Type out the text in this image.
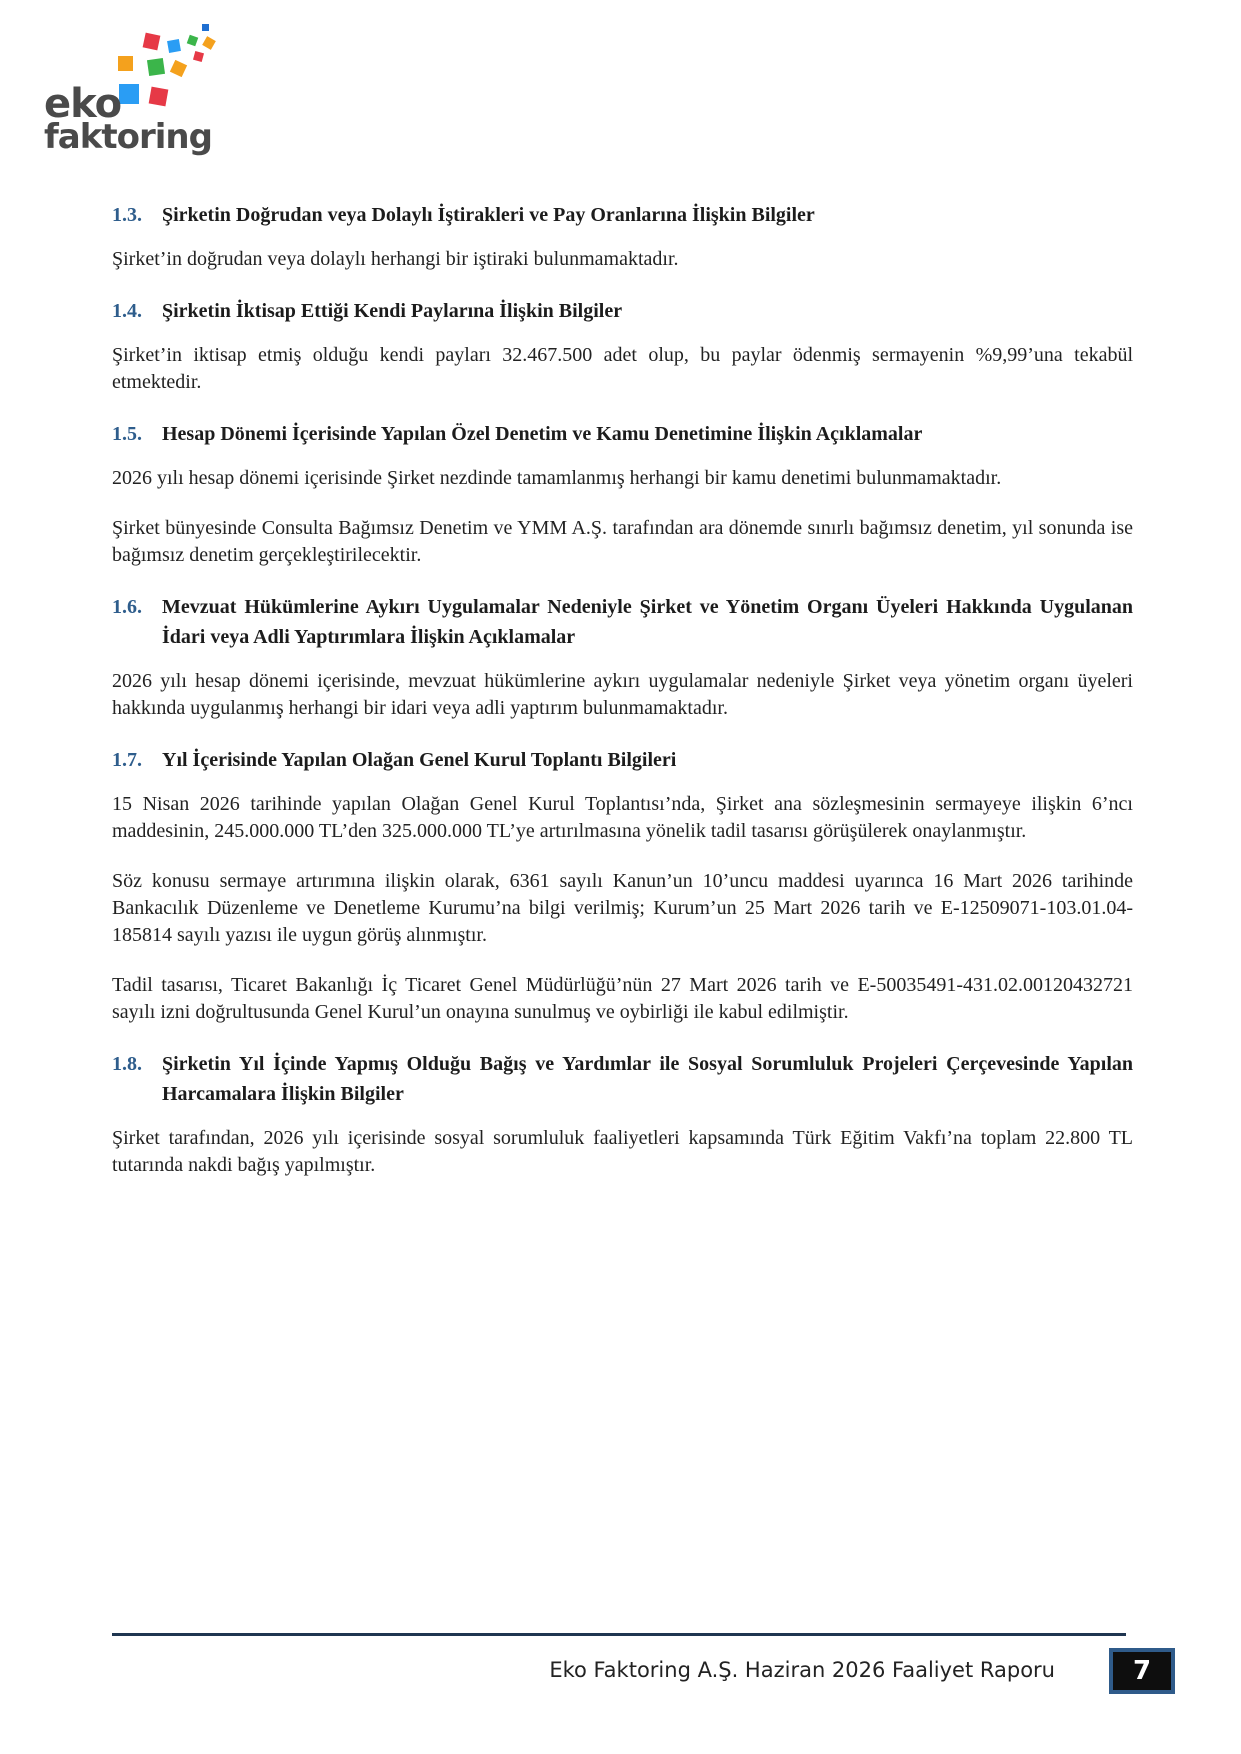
eko
faktoring
1.3.	Şirketin Doğrudan veya Dolaylı İştirakleri ve Pay Oranlarına İlişkin Bilgiler

Şirket’in doğrudan veya dolaylı herhangi bir iştiraki bulunmamaktadır.

1.4.	Şirketin İktisap Ettiği Kendi Paylarına İlişkin Bilgiler

Şirket’in iktisap etmiş olduğu kendi payları 32.467.500 adet olup, bu paylar ödenmiş sermayenin %9,99’una tekabül etmektedir.

1.5.	Hesap Dönemi İçerisinde Yapılan Özel Denetim ve Kamu Denetimine İlişkin Açıklamalar

2026 yılı hesap dönemi içerisinde Şirket nezdinde tamamlanmış herhangi bir kamu denetimi bulunmamaktadır.

Şirket bünyesinde Consulta Bağımsız Denetim ve YMM A.Ş. tarafından ara dönemde sınırlı bağımsız denetim, yıl sonunda ise bağımsız denetim gerçekleştirilecektir.

1.6.	Mevzuat Hükümlerine Aykırı Uygulamalar Nedeniyle Şirket ve Yönetim Organı Üyeleri Hakkında Uygulanan İdari veya Adli Yaptırımlara İlişkin Açıklamalar

2026 yılı hesap dönemi içerisinde, mevzuat hükümlerine aykırı uygulamalar nedeniyle Şirket veya yönetim organı üyeleri hakkında uygulanmış herhangi bir idari veya adli yaptırım bulunmamaktadır.

1.7.	Yıl İçerisinde Yapılan Olağan Genel Kurul Toplantı Bilgileri

15 Nisan 2026 tarihinde yapılan Olağan Genel Kurul Toplantısı’nda, Şirket ana sözleşmesinin sermayeye ilişkin 6’ncı maddesinin, 245.000.000 TL’den 325.000.000 TL’ye artırılmasına yönelik tadil tasarısı görüşülerek onaylanmıştır.

Söz konusu sermaye artırımına ilişkin olarak, 6361 sayılı Kanun’un 10’uncu maddesi uyarınca 16 Mart 2026 tarihinde Bankacılık Düzenleme ve Denetleme Kurumu’na bilgi verilmiş; Kurum’un 25 Mart 2026 tarih ve E-12509071-103.01.04-185814 sayılı yazısı ile uygun görüş alınmıştır.

Tadil tasarısı, Ticaret Bakanlığı İç Ticaret Genel Müdürlüğü’nün 27 Mart 2026 tarih ve E-50035491-431.02.00120432721 sayılı izni doğrultusunda Genel Kurul’un onayına sunulmuş ve oybirliği ile kabul edilmiştir.

1.8.	Şirketin Yıl İçinde Yapmış Olduğu Bağış ve Yardımlar ile Sosyal Sorumluluk Projeleri Çerçevesinde Yapılan Harcamalara İlişkin Bilgiler

Şirket tarafından, 2026 yılı içerisinde sosyal sorumluluk faaliyetleri kapsamında Türk Eğitim Vakfı’na toplam 22.800 TL tutarında nakdi bağış yapılmıştır.

Eko Faktoring A.Ş. Haziran 2026 Faaliyet Raporu	7
